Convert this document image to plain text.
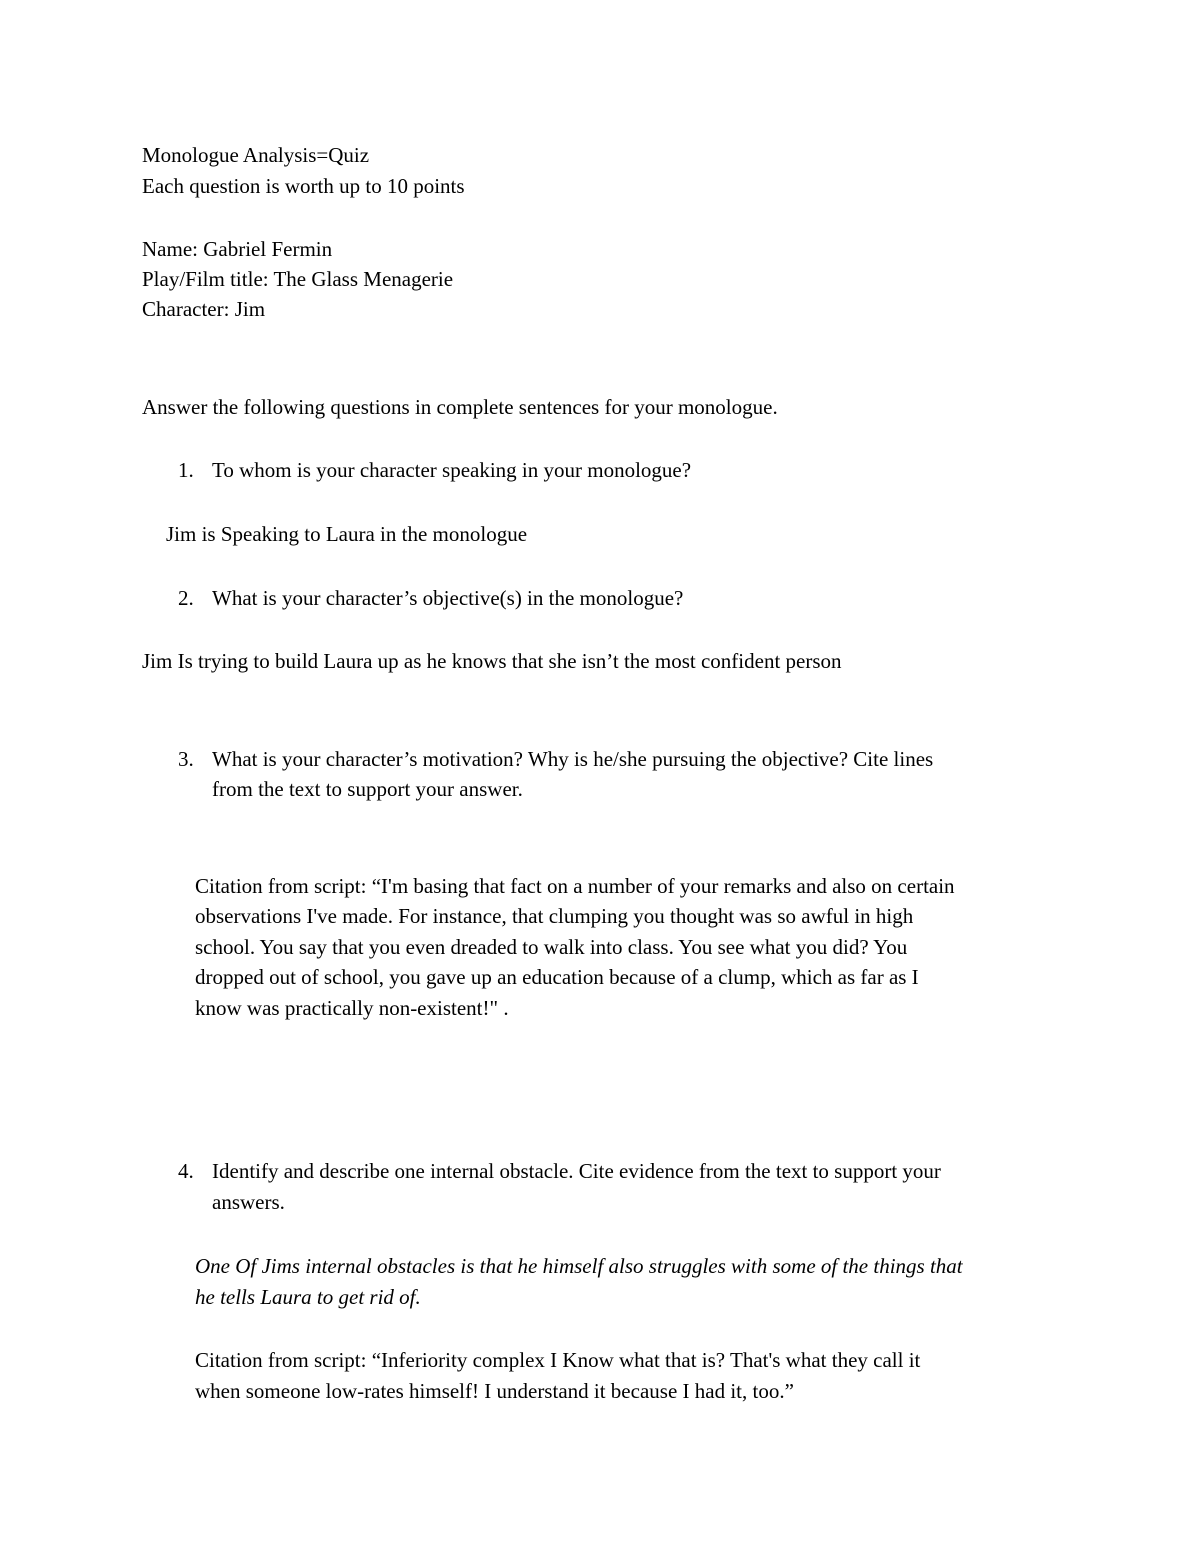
Monologue Analysis=Quiz
Each question is worth up to 10 points
Name: Gabriel Fermin
Play/Film title: The Glass Menagerie
Character: Jim
Answer the following questions in complete sentences for your monologue.
1. To whom is your character speaking in your monologue?
Jim is Speaking to Laura in the monologue
2. What is your character’s objective(s) in the monologue?
Jim Is trying to build Laura up as he knows that she isn’t the most confident person
3. What is your character’s motivation? Why is he/she pursuing the objective? Cite lines
from the text to support your answer.
Citation from script: “I'm basing that fact on a number of your remarks and also on certain
observations I've made. For instance, that clumping you thought was so awful in high
school. You say that you even dreaded to walk into class. You see what you did? You
dropped out of school, you gave up an education because of a clump, which as far as I
know was practically non-existent!" .
4. Identify and describe one internal obstacle. Cite evidence from the text to support your
answers.
One Of Jims internal obstacles is that he himself also struggles with some of the things that
he tells Laura to get rid of.
Citation from script: “Inferiority complex I Know what that is? That's what they call it
when someone low-rates himself! I understand it because I had it, too.”
